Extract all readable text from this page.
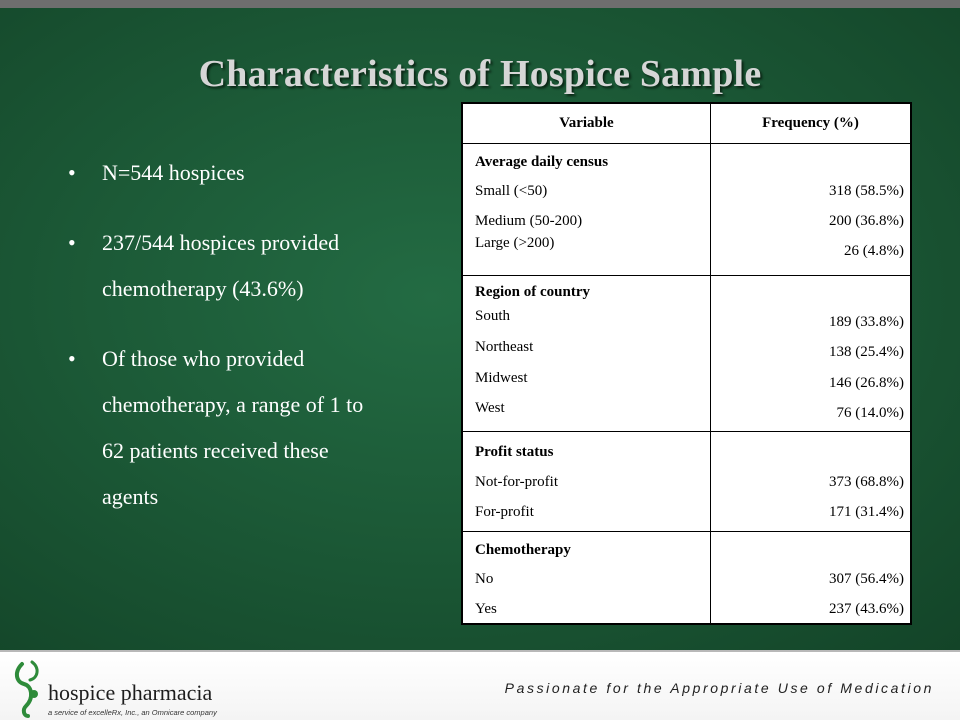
Characteristics of Hospice Sample
• N=544 hospices
• 237/544 hospices provided
chemotherapy (43.6%)
• Of those who provided
chemotherapy, a range of 1 to
62 patients received these
agents
Variable	Frequency (%)
Average daily census
Small (<50)
Medium (50-200)
Large (>200)
318 (58.5%)
200 (36.8%)
26 (4.8%)
Region of country
South
Northeast
Midwest
West
189 (33.8%)
138 (25.4%)
146 (26.8%)
76 (14.0%)
Profit status
Not-for-profit
For-profit
373 (68.8%)
171 (31.4%)
Chemotherapy
No
Yes
307 (56.4%)
237 (43.6%)
hospice pharmacia
a service of excelleRx, Inc., an Omnicare company
Passionate for the Appropriate Use of Medication
